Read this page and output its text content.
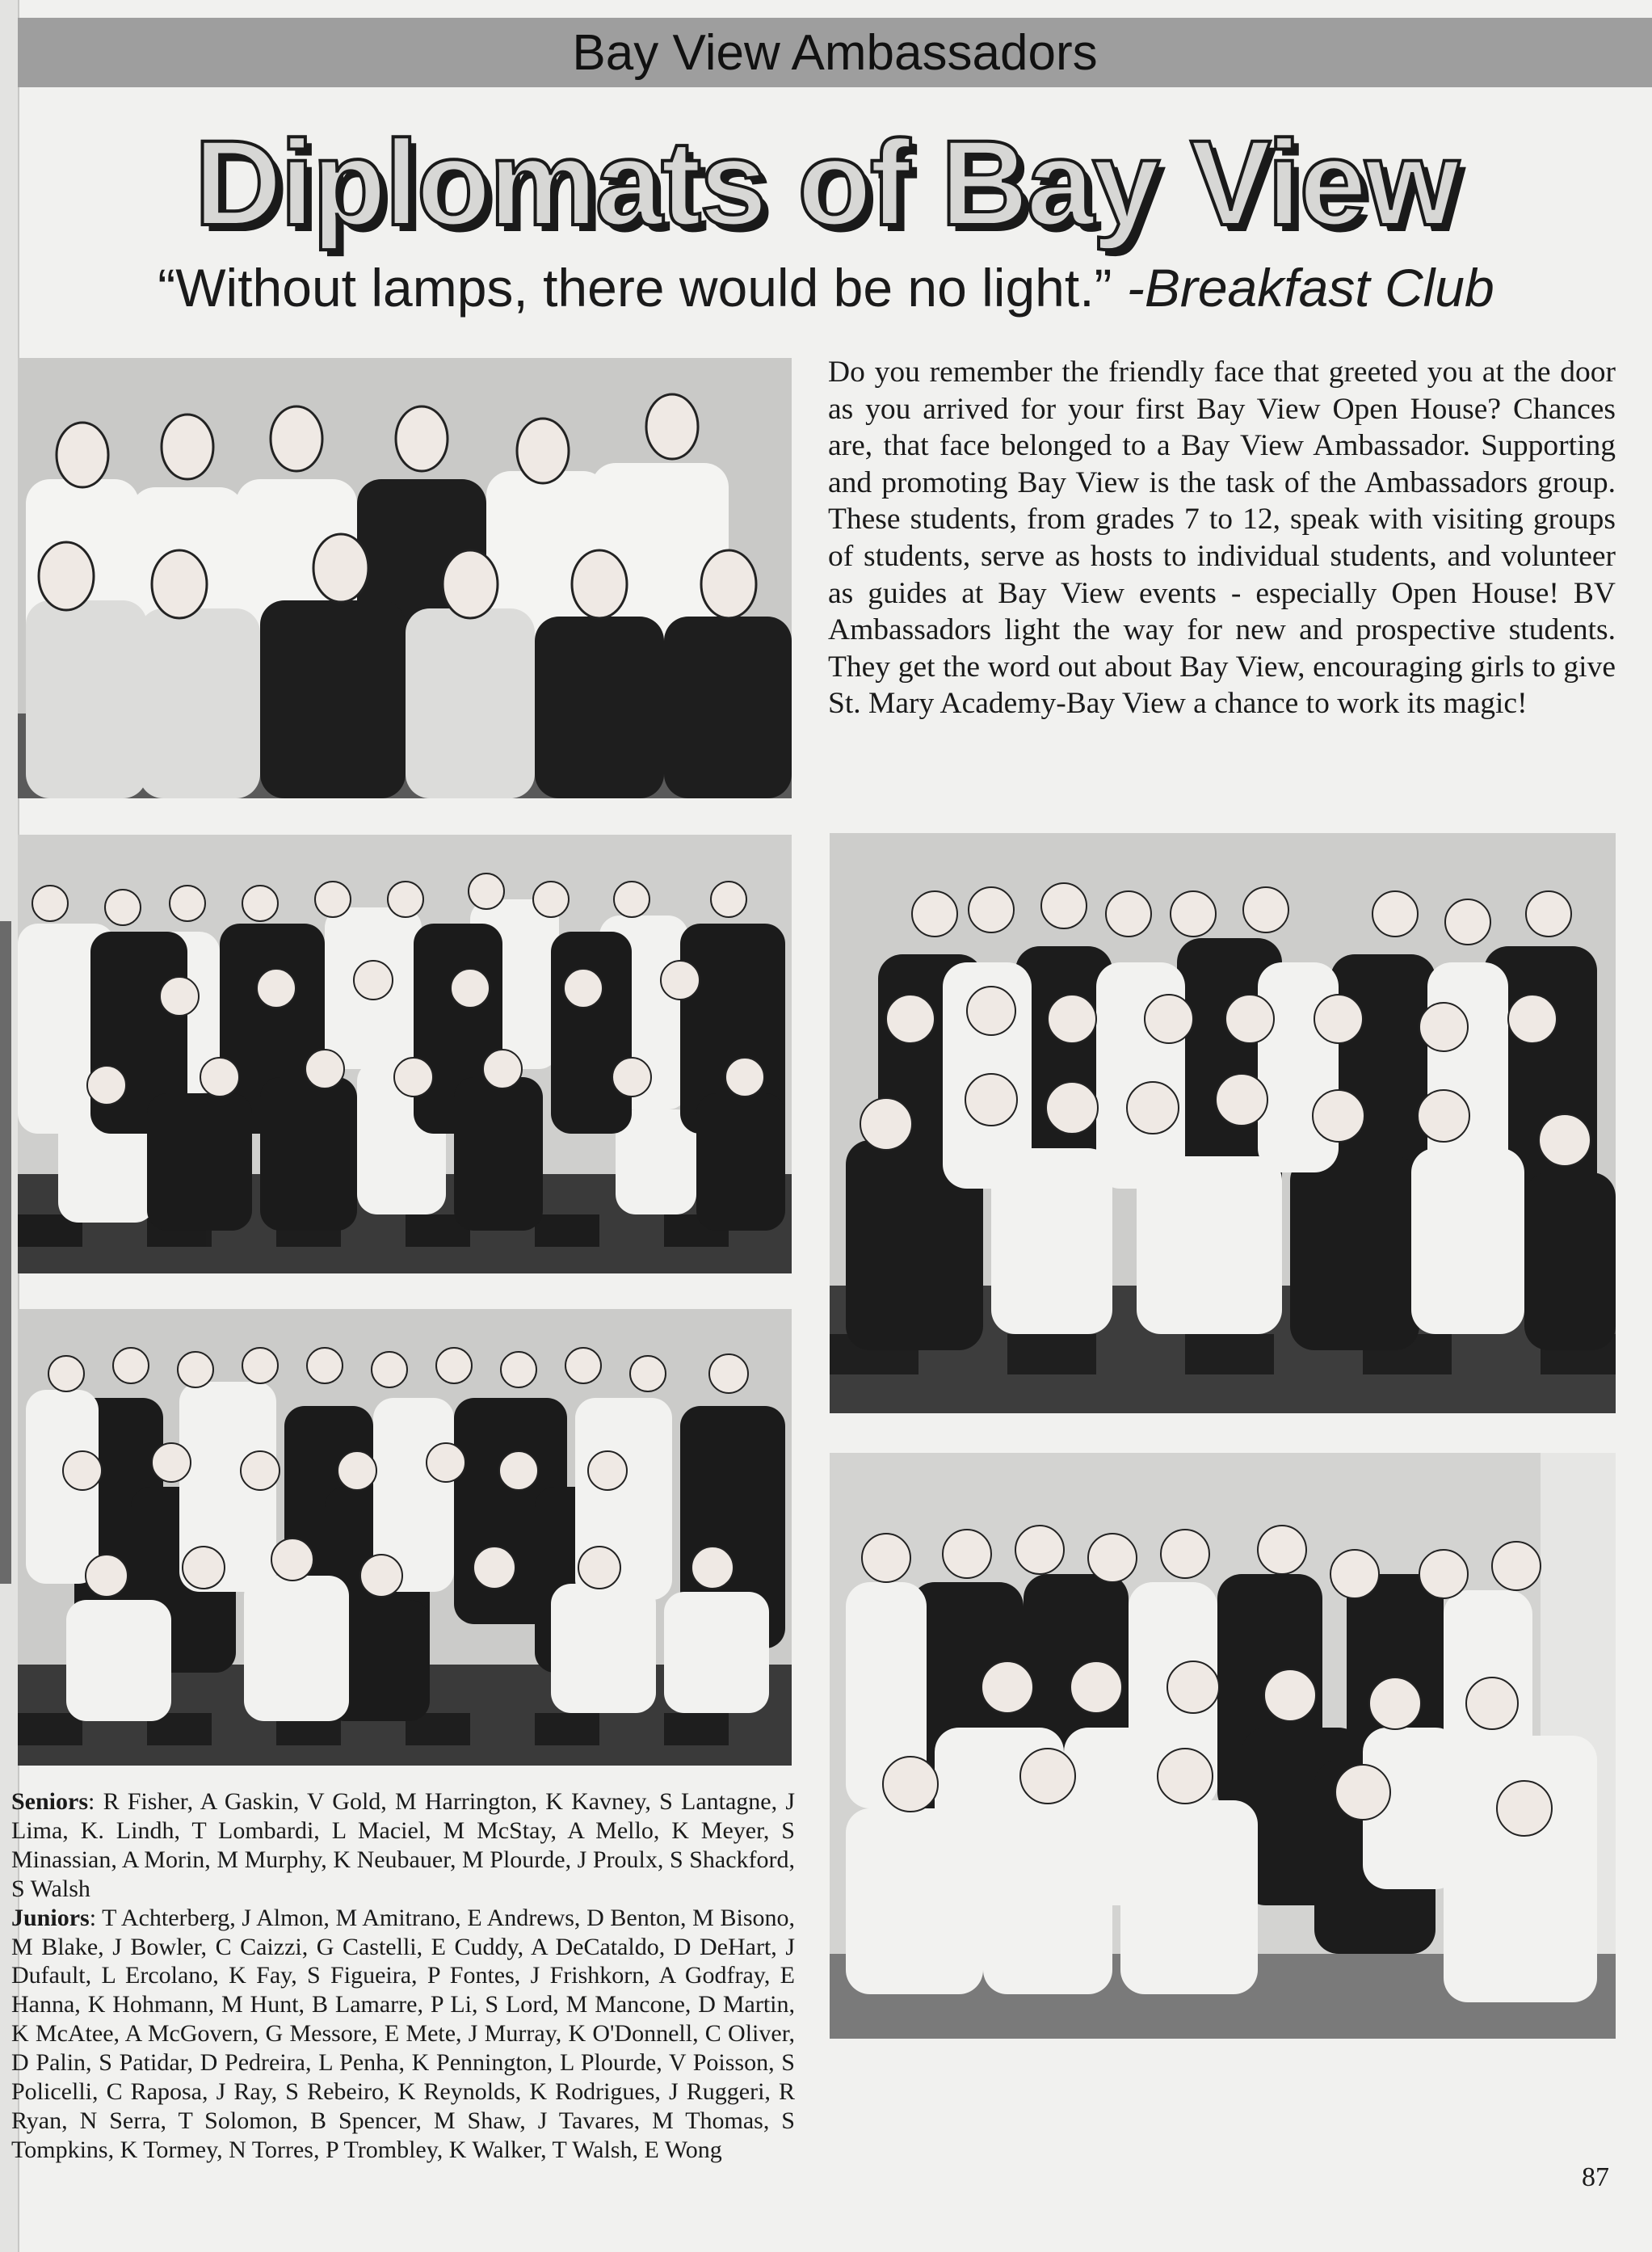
Bay View Ambassadors
Diplomats of Bay View
“Without lamps, there would be no light.” -Breakfast Club
Do you remember the friendly face that greeted you at the door as you arrived for your first Bay View Open House? Chances are, that face belonged to a Bay View Ambassador. Supporting and promoting Bay View is the task of the Ambassadors group. These students, from grades 7 to 12, speak with visiting groups of students, serve as hosts to individual students, and volunteer as guides at Bay View events - especially Open House! BV Ambassadors light the way for new and prospective students. They get the word out about Bay View, encouraging girls to give St. Mary Academy-Bay View a chance to work its magic!
Seniors: R Fisher, A Gaskin, V Gold, M Harrington, K Kavney, S Lantagne, J Lima, K. Lindh, T Lombardi, L Maciel, M McStay, A Mello, K Meyer, S Minassian, A Morin, M Murphy, K Neubauer, M Plourde, J Proulx, S Shackford, S Walsh
Juniors: T Achterberg, J Almon, M Amitrano, E Andrews, D Benton, M Bisono, M Blake, J Bowler, C Caizzi, G Castelli, E Cuddy, A DeCataldo, D DeHart, J Dufault, L Ercolano, K Fay, S Figueira, P Fontes, J Frishkorn, A Godfray, E Hanna, K Hohmann, M Hunt, B Lamarre, P Li, S Lord, M Mancone, D Martin, K McAtee, A McGovern, G Messore, E Mete, J Murray, K O'Donnell, C Oliver, D Palin, S Patidar, D Pedreira, L Penha, K Pennington, L Plourde, V Poisson, S Policelli, C Raposa, J Ray, S Rebeiro, K Reynolds, K Rodrigues, J Ruggeri, R Ryan, N Serra, T Solomon, B Spencer, M Shaw, J Tavares, M Thomas, S Tompkins, K Tormey, N Torres, P Trombley, K Walker, T Walsh, E Wong
87
